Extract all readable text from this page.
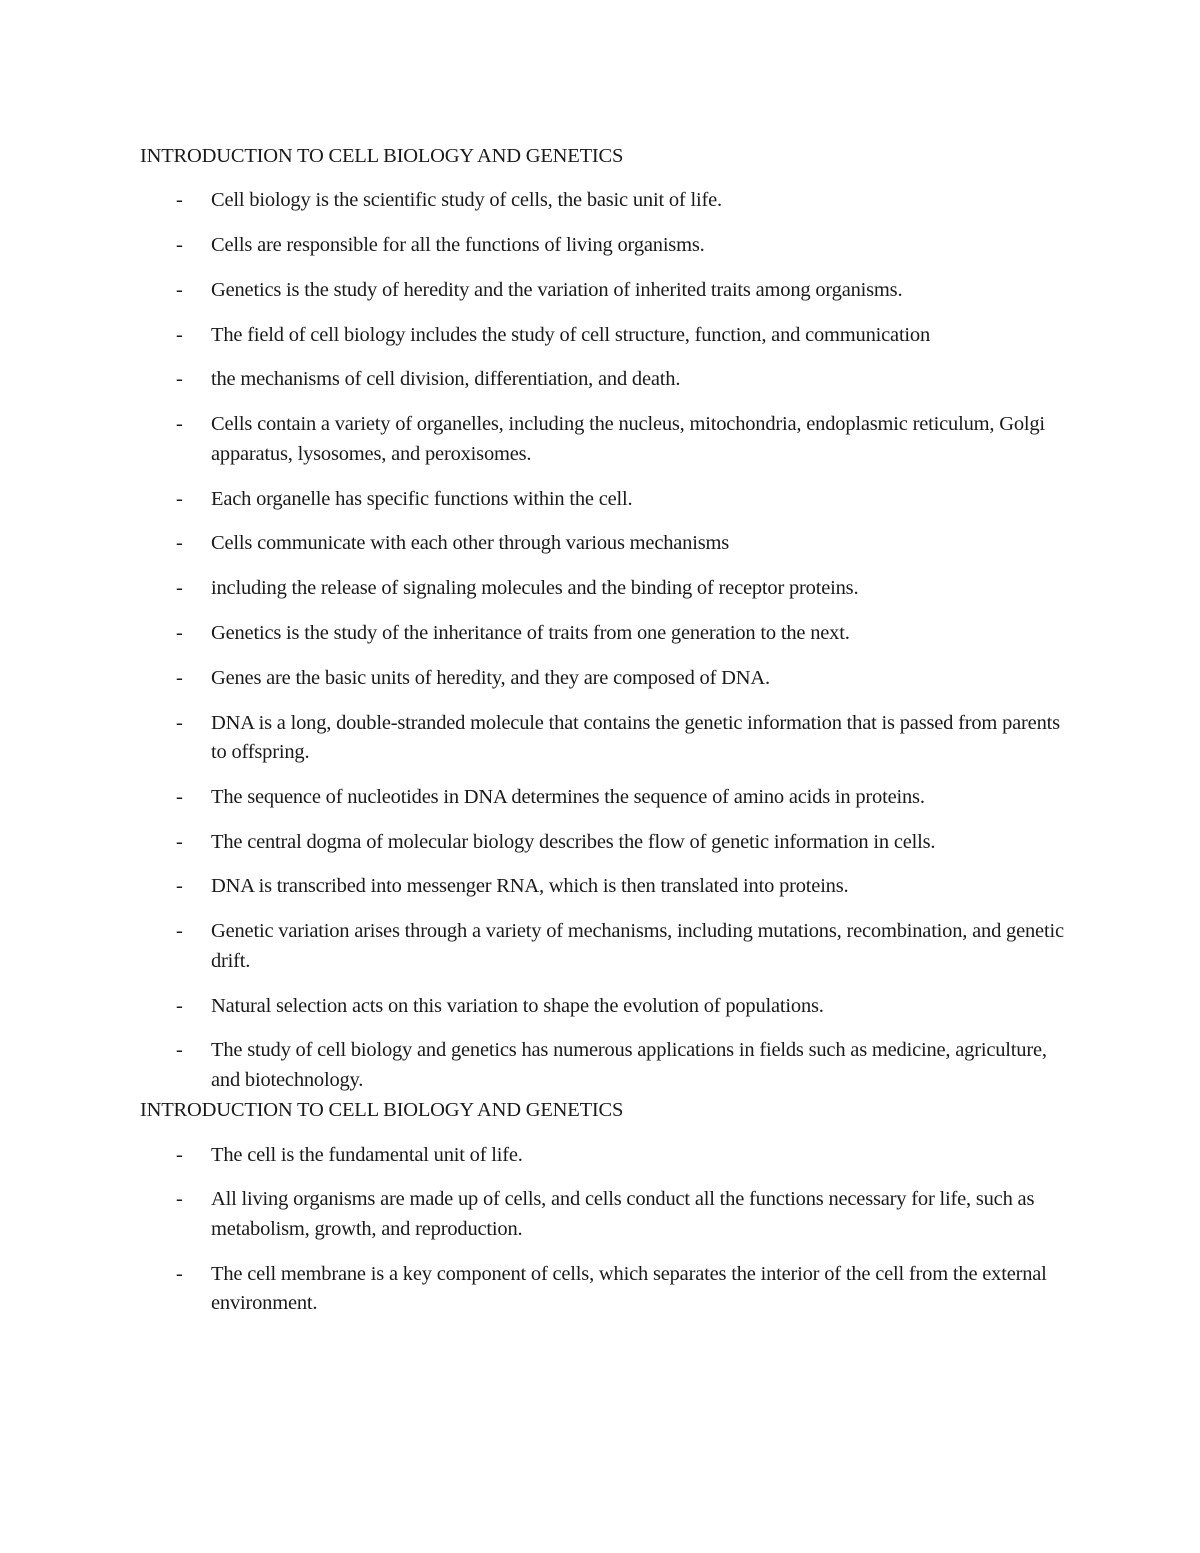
INTRODUCTION TO CELL BIOLOGY AND GENETICS

- Cell biology is the scientific study of cells, the basic unit of life.
- Cells are responsible for all the functions of living organisms.
- Genetics is the study of heredity and the variation of inherited traits among organisms.
- The field of cell biology includes the study of cell structure, function, and communication
- the mechanisms of cell division, differentiation, and death.
- Cells contain a variety of organelles, including the nucleus, mitochondria, endoplasmic reticulum, Golgi apparatus, lysosomes, and peroxisomes.
- Each organelle has specific functions within the cell.
- Cells communicate with each other through various mechanisms
- including the release of signaling molecules and the binding of receptor proteins.
- Genetics is the study of the inheritance of traits from one generation to the next.
- Genes are the basic units of heredity, and they are composed of DNA.
- DNA is a long, double-stranded molecule that contains the genetic information that is passed from parents to offspring.
- The sequence of nucleotides in DNA determines the sequence of amino acids in proteins.
- The central dogma of molecular biology describes the flow of genetic information in cells.
- DNA is transcribed into messenger RNA, which is then translated into proteins.
- Genetic variation arises through a variety of mechanisms, including mutations, recombination, and genetic drift.
- Natural selection acts on this variation to shape the evolution of populations.
- The study of cell biology and genetics has numerous applications in fields such as medicine, agriculture, and biotechnology.

INTRODUCTION TO CELL BIOLOGY AND GENETICS

- The cell is the fundamental unit of life.
- All living organisms are made up of cells, and cells conduct all the functions necessary for life, such as metabolism, growth, and reproduction.
- The cell membrane is a key component of cells, which separates the interior of the cell from the external environment.
